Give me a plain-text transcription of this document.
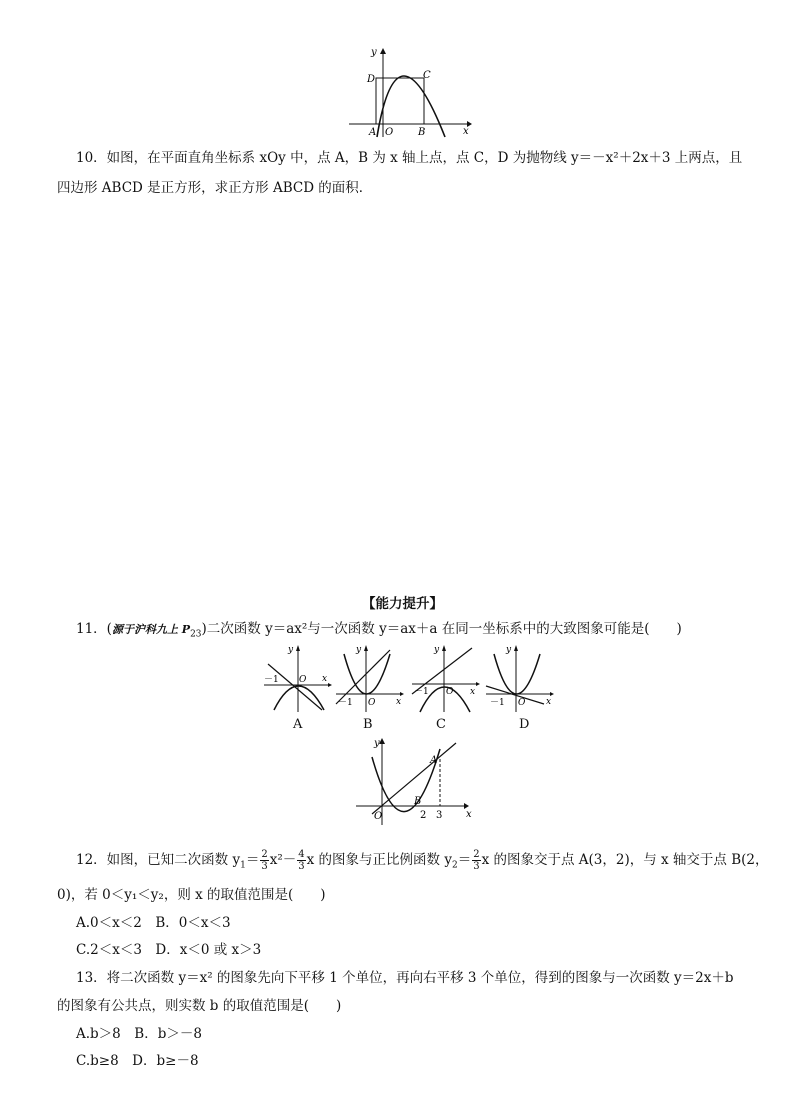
y
x
D	C
A O B
10．如图，在平面直角坐标系 xOy 中，点 A，B 为 x 轴上点，点 C，D 为抛物线 y＝－x²＋2x＋3 上两点，且
四边形 ABCD 是正方形，求正方形 ABCD 的面积．
【能力提升】
11．(源于沪科九上 $P_{23}$)二次函数 y＝ax²与一次函数 y＝ax＋a 在同一坐标系中的大致图象可能是(　　)
y
x
－1 O
y
x
－1 O
y
x
－1 O
y
x
－1 O
A	B	C	D
y
x
A
B
O	2 3
12．如图，已知二次函数 $y_1= \frac{2}{3} x^2- \frac{4}{3}$ x 的图象与正比例函数 $y_2= \frac{2}{3}$ x 的图象交于点 A(3，2)，与 x 轴交于点 B(2，
0)，若 0＜y₁＜y₂，则 x 的取值范围是(　　)
A.0＜x＜2　B．0＜x＜3
C.2＜x＜3　D．x＜0 或 x＞3
13．将二次函数 y＝x² 的图象先向下平移 1 个单位，再向右平移 3 个单位，得到的图象与一次函数 y＝2x＋b
的图象有公共点，则实数 b 的取值范围是(　　)
A.b＞8　B．b＞－8
C.b≥8　D．b≥－8
